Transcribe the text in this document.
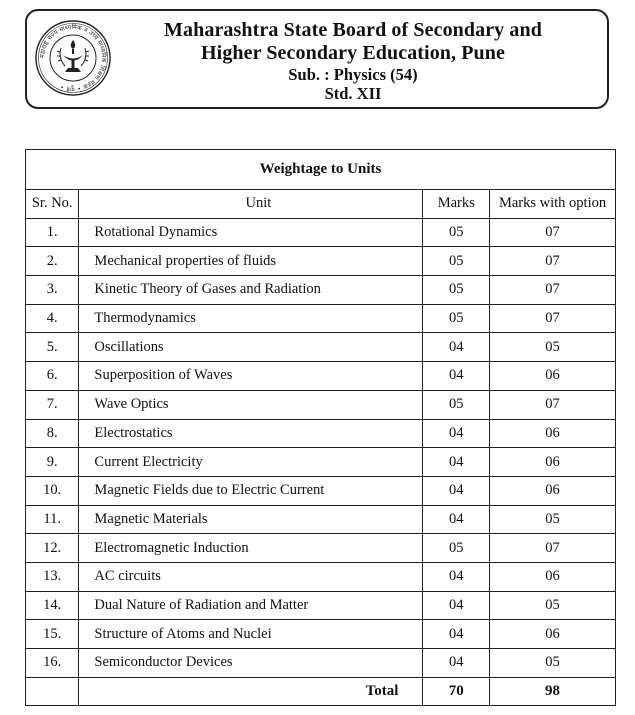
महाराष्ट्र राज्य माध्यमिक व उच्च माध्यमिक शिक्षण मंडळ • पुणे •
Maharashtra State Board of Secondary and
Higher Secondary Education, Pune
Sub. : Physics (54)
Std. XII
Weightage to Units			
Sr. No.	Unit	Marks	Marks with option
1.	Rotational Dynamics	05	07
2.	Mechanical properties of fluids	05	07
3.	Kinetic Theory of Gases and Radiation	05	07
4.	Thermodynamics	05	07
5.	Oscillations	04	05
6.	Superposition of Waves	04	06
7.	Wave Optics	05	07
8.	Electrostatics	04	06
9.	Current Electricity	04	06
10.	Magnetic Fields due to Electric Current	04	06
11.	Magnetic Materials	04	05
12.	Electromagnetic Induction	05	07
13.	AC circuits	04	06
14.	Dual Nature of Radiation and Matter	04	05
15.	Structure of Atoms and Nuclei	04	06
16.	Semiconductor Devices	04	05
	Total	70	98
